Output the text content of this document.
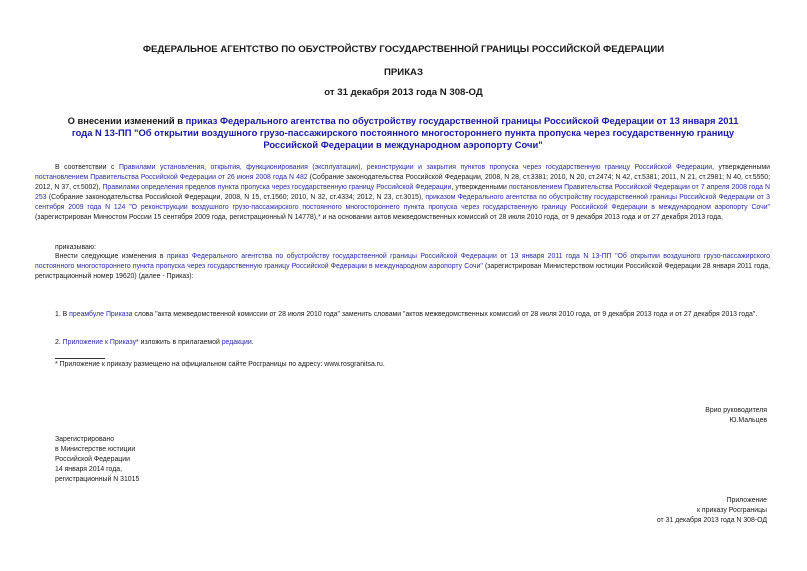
ФЕДЕРАЛЬНОЕ АГЕНТСТВО ПО ОБУСТРОЙСТВУ ГОСУДАРСТВЕННОЙ ГРАНИЦЫ РОССИЙСКОЙ ФЕДЕРАЦИИ
ПРИКАЗ
от 31 декабря 2013 года N 308-ОД
О внесении изменений в приказ Федерального агентства по обустройству государственной границы Российской Федерации от 13 января 2011 года N 13-ПП "Об открытии воздушного грузо-пассажирского постоянного многостороннего пункта пропуска через государственную границу Российской Федерации в международном аэропорту Сочи"
В соответствии с Правилами установления, открытия, функционирования (эксплуатации), реконструкции и закрытия пунктов пропуска через государственную границу Российской Федерации, утвержденными постановлением Правительства Российской Федерации от 26 июня 2008 года N 482 (Собрание законодательства Российской Федерации, 2008, N 28, ст.3381; 2010, N 20, ст.2474; N 42, ст.5381; 2011, N 21, ст.2981; N 40, ст.5550; 2012, N 37, ст.5002), Правилами определения пределов пункта пропуска через государственную границу Российской Федерации, утвержденными постановлением Правительства Российской Федерации от 7 апреля 2008 года N 253 (Собрание законодательства Российской Федерации, 2008, N 15, ст.1560; 2010, N 32, ст.4334; 2012, N 23, ст.3015), приказом Федерального агентства по обустройству государственной границы Российской Федерации от 3 сентября 2009 года N 124 "О реконструкции воздушного грузо-пассажирского постоянного многостороннего пункта пропуска через государственную границу Российской Федерации в международном аэропорту Сочи" (зарегистрирован Минюстом России 15 сентября 2009 года, регистрационный N 14778),* и на основании актов межведомственных комиссий от 28 июля 2010 года, от 9 декабря 2013 года и от 27 декабря 2013 года,
приказываю:
Внести следующие изменения в приказ Федерального агентства по обустройству государственной границы Российской Федерации от 13 января 2011 года N 13-ПП "Об открытии воздушного грузо-пассажирского постоянного многостороннего пункта пропуска через государственную границу Российской Федерации в международном аэропорту Сочи" (зарегистрирован Министерством юстиции Российской Федерации 28 января 2011 года, регистрационный номер 19620) (далее - Приказ):
1. В преамбуле Приказа слова "акта межведомственной комиссии от 28 июля 2010 года" заменить словами "актов межведомственных комиссий от 28 июля 2010 года, от 9 декабря 2013 года и от 27 декабря 2013 года".
2. Приложение к Приказу* изложить в прилагаемой редакции.
* Приложение к приказу размещено на официальном сайте Росграницы по адресу: www.rosgranitsa.ru.
Врио руководителя
Ю.Мальцев
Зарегистрировано
в Министерстве юстиции
Российской Федерации
14 января 2014 года,
регистрационный N 31015
Приложение
к приказу Росграницы
от 31 декабря 2013 года N 308-ОД
